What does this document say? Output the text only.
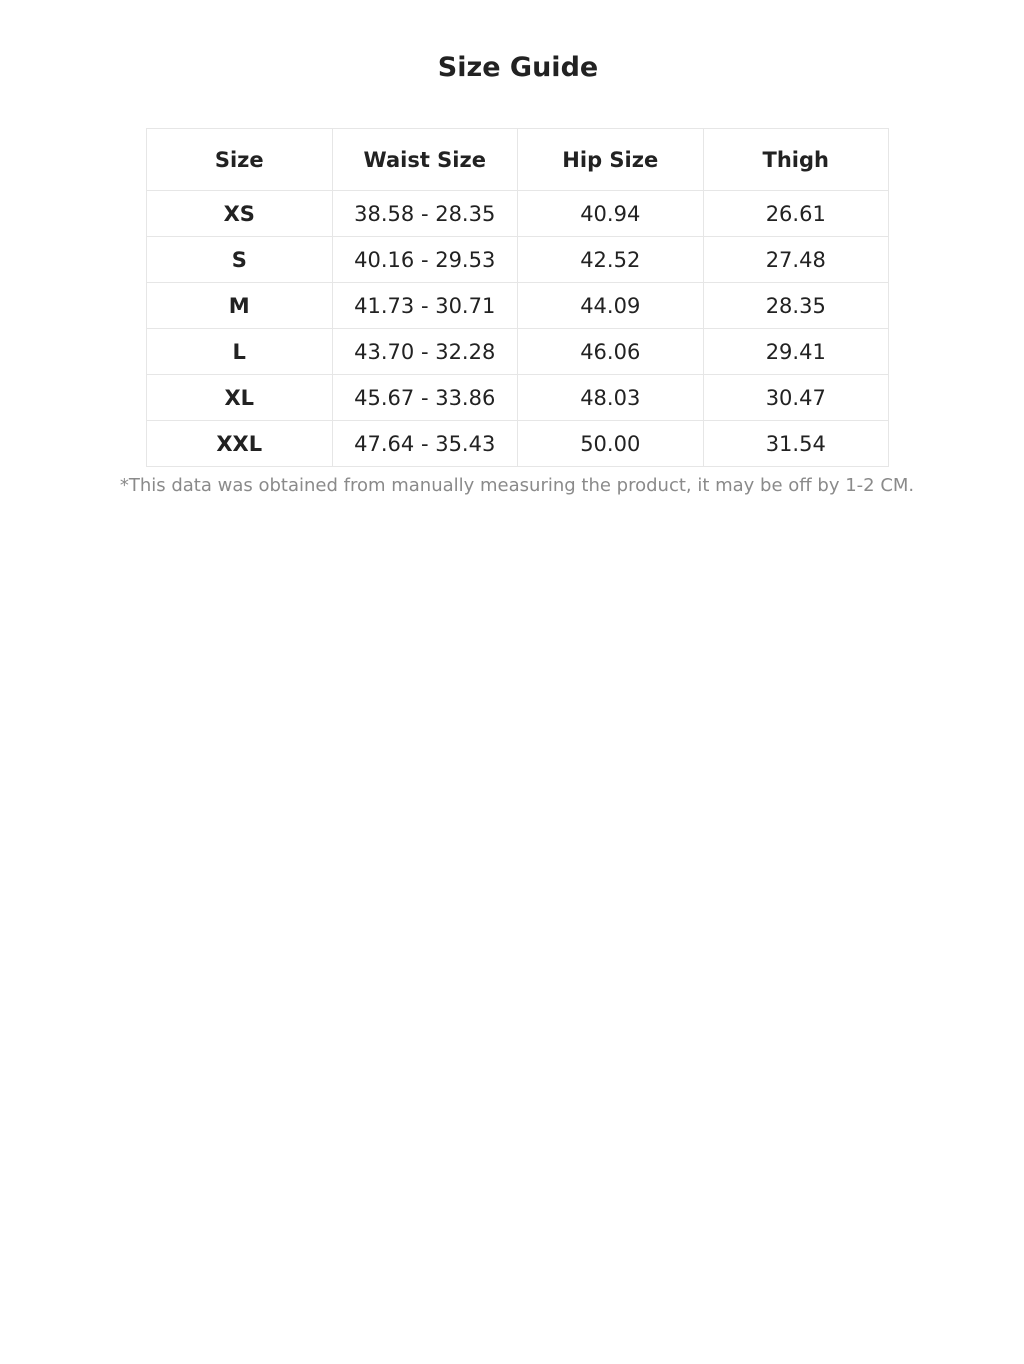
Size Guide
Size	Waist Size	Hip Size	Thigh
XS	38.58 - 28.35	40.94	26.61
S	40.16 - 29.53	42.52	27.48
M	41.73 - 30.71	44.09	28.35
L	43.70 - 32.28	46.06	29.41
XL	45.67 - 33.86	48.03	30.47
XXL	47.64 - 35.43	50.00	31.54
*This data was obtained from manually measuring the product, it may be off by 1-2 CM.
